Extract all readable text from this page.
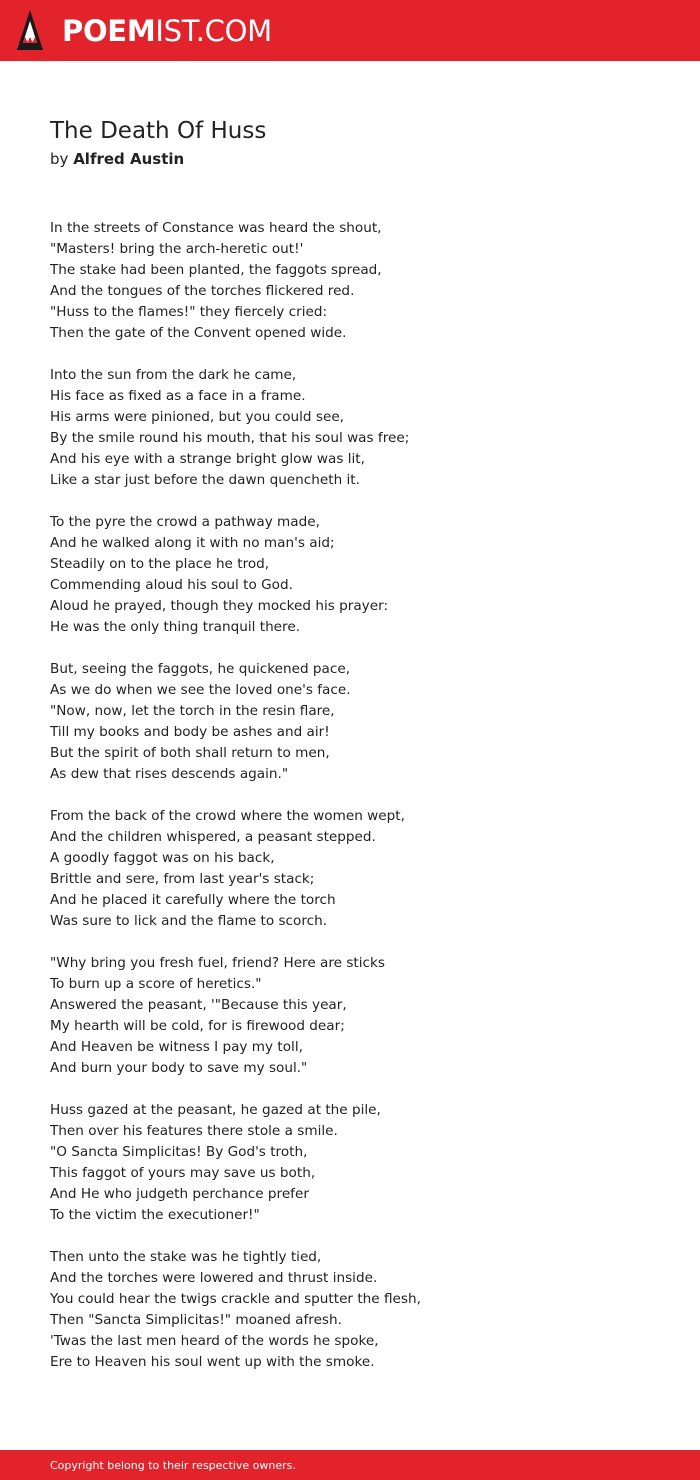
POEMIST.COM
The Death Of Huss
by Alfred Austin
In the streets of Constance was heard the shout,
"Masters! bring the arch-heretic out!'
The stake had been planted, the faggots spread,
And the tongues of the torches flickered red.
"Huss to the flames!" they fiercely cried:
Then the gate of the Convent opened wide.
Into the sun from the dark he came,
His face as fixed as a face in a frame.
His arms were pinioned, but you could see,
By the smile round his mouth, that his soul was free;
And his eye with a strange bright glow was lit,
Like a star just before the dawn quencheth it.
To the pyre the crowd a pathway made,
And he walked along it with no man's aid;
Steadily on to the place he trod,
Commending aloud his soul to God.
Aloud he prayed, though they mocked his prayer:
He was the only thing tranquil there.
But, seeing the faggots, he quickened pace,
As we do when we see the loved one's face.
"Now, now, let the torch in the resin flare,
Till my books and body be ashes and air!
But the spirit of both shall return to men,
As dew that rises descends again."
From the back of the crowd where the women wept,
And the children whispered, a peasant stepped.
A goodly faggot was on his back,
Brittle and sere, from last year's stack;
And he placed it carefully where the torch
Was sure to lick and the flame to scorch.
"Why bring you fresh fuel, friend? Here are sticks
To burn up a score of heretics."
Answered the peasant, '"Because this year,
My hearth will be cold, for is firewood dear;
And Heaven be witness I pay my toll,
And burn your body to save my soul."
Huss gazed at the peasant, he gazed at the pile,
Then over his features there stole a smile.
"O Sancta Simplicitas! By God's troth,
This faggot of yours may save us both,
And He who judgeth perchance prefer
To the victim the executioner!"
Then unto the stake was he tightly tied,
And the torches were lowered and thrust inside.
You could hear the twigs crackle and sputter the flesh,
Then "Sancta Simplicitas!" moaned afresh.
'Twas the last men heard of the words he spoke,
Ere to Heaven his soul went up with the smoke.
Copyright belong to their respective owners.
